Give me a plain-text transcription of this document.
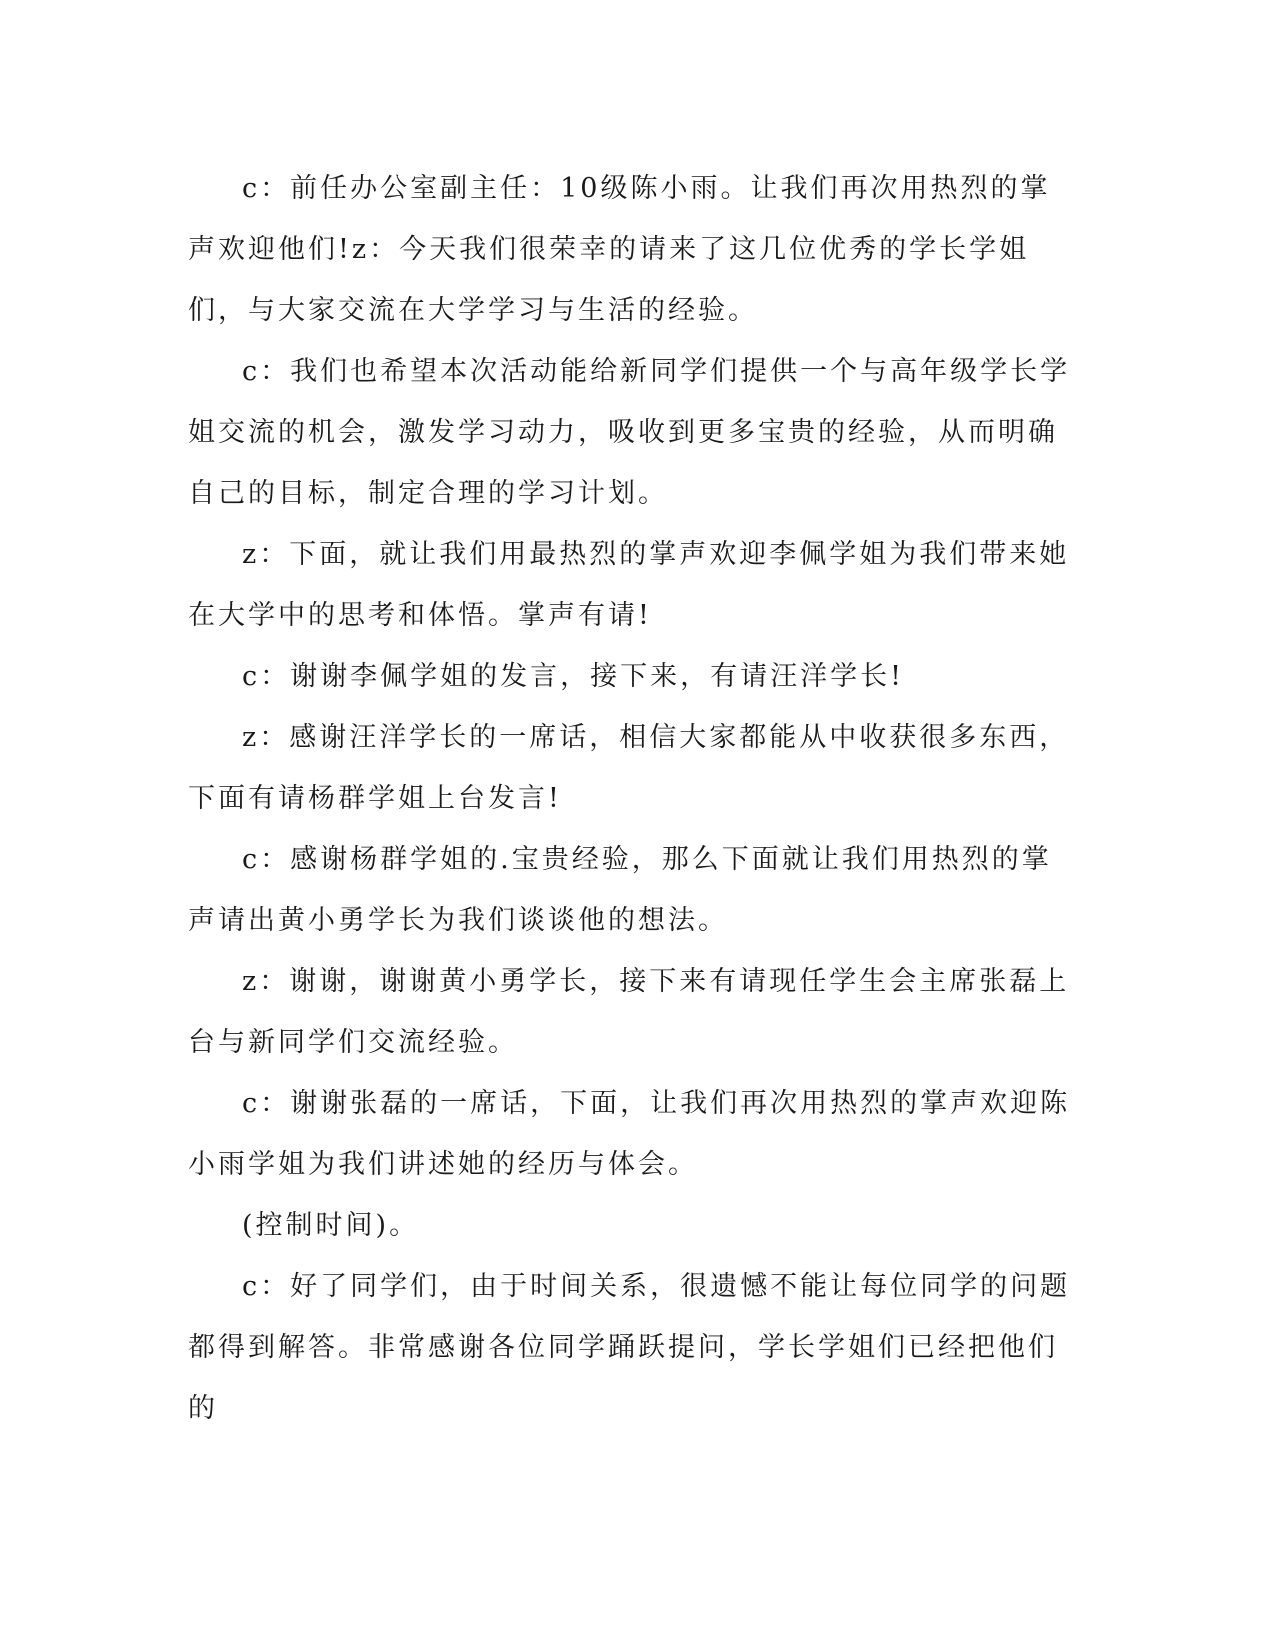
c：前任办公室副主任：10级陈小雨。让我们再次用热烈的掌声欢迎他们!z：今天我们很荣幸的请来了这几位优秀的学长学姐们，与大家交流在大学学习与生活的经验。

c：我们也希望本次活动能给新同学们提供一个与高年级学长学姐交流的机会，激发学习动力，吸收到更多宝贵的经验，从而明确自己的目标，制定合理的学习计划。

z：下面，就让我们用最热烈的掌声欢迎李佩学姐为我们带来她在大学中的思考和体悟。掌声有请!

c：谢谢李佩学姐的发言，接下来，有请汪洋学长!

z：感谢汪洋学长的一席话，相信大家都能从中收获很多东西，下面有请杨群学姐上台发言!

c：感谢杨群学姐的.宝贵经验，那么下面就让我们用热烈的掌声请出黄小勇学长为我们谈谈他的想法。

z：谢谢，谢谢黄小勇学长，接下来有请现任学生会主席张磊上台与新同学们交流经验。

c：谢谢张磊的一席话，下面，让我们再次用热烈的掌声欢迎陈小雨学姐为我们讲述她的经历与体会。

(控制时间)。

c：好了同学们，由于时间关系，很遗憾不能让每位同学的问题都得到解答。非常感谢各位同学踊跃提问，学长学姐们已经把他们的
